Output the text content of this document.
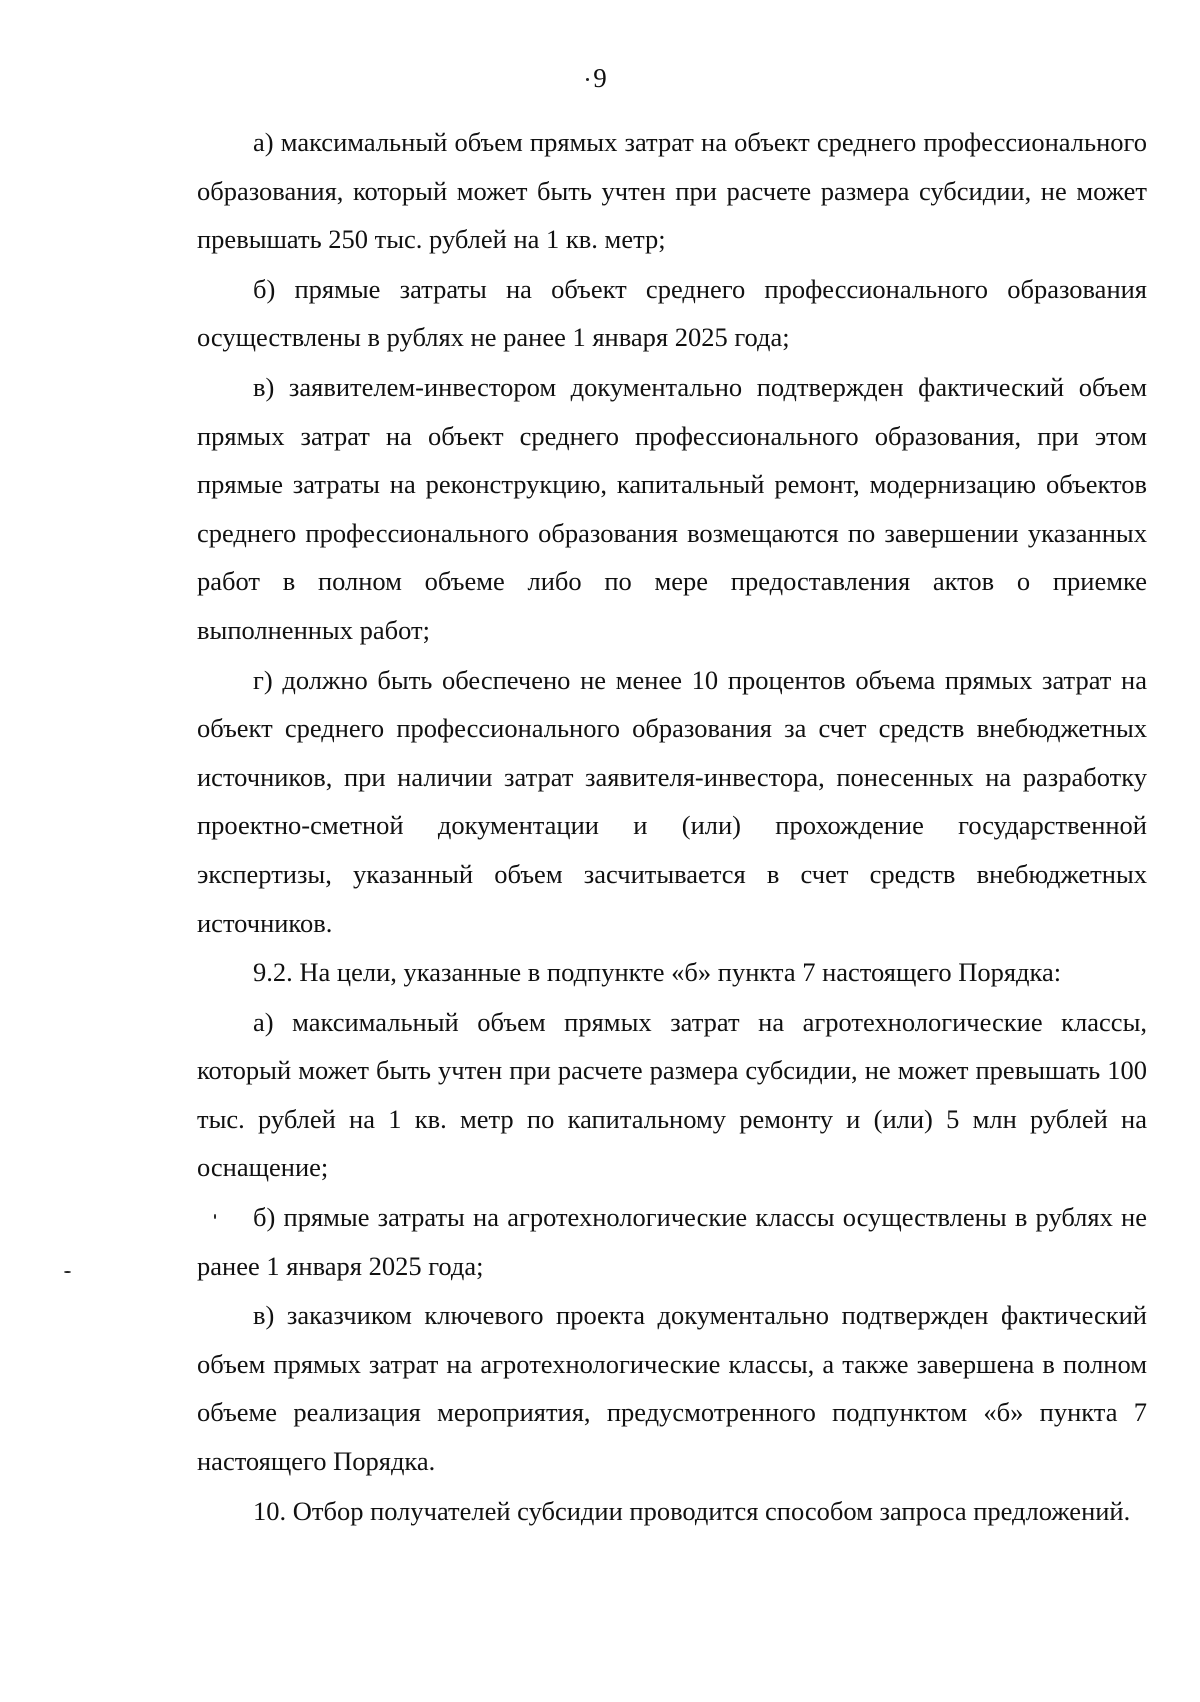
9

а) максимальный объем прямых затрат на объект среднего профессионального образования, который может быть учтен при расчете размера субсидии, не может превышать 250 тыс. рублей на 1 кв. метр;

б) прямые затраты на объект среднего профессионального образования осуществлены в рублях не ранее 1 января 2025 года;

в) заявителем-инвестором документально подтвержден фактический объем прямых затрат на объект среднего профессионального образования, при этом прямые затраты на реконструкцию, капитальный ремонт, модернизацию объектов среднего профессионального образования возмещаются по завершении указанных работ в полном объеме либо по мере предоставления актов о приемке выполненных работ;

г) должно быть обеспечено не менее 10 процентов объема прямых затрат на объект среднего профессионального образования за счет средств внебюджетных источников, при наличии затрат заявителя-инвестора, понесенных на разработку проектно-сметной документации и (или) прохождение государственной экспертизы, указанный объем засчитывается в счет средств внебюджетных источников.

9.2. На цели, указанные в подпункте «б» пункта 7 настоящего Порядка:

а) максимальный объем прямых затрат на агротехнологические классы, который может быть учтен при расчете размера субсидии, не может превышать 100 тыс. рублей на 1 кв. метр по капитальному ремонту и (или) 5 млн рублей на оснащение;

б) прямые затраты на агротехнологические классы осуществлены в рублях не ранее 1 января 2025 года;

в) заказчиком ключевого проекта документально подтвержден фактический объем прямых затрат на агротехнологические классы, а также завершена в полном объеме реализация мероприятия, предусмотренного подпунктом «б» пункта 7 настоящего Порядка.

10. Отбор получателей субсидии проводится способом запроса предложений.
